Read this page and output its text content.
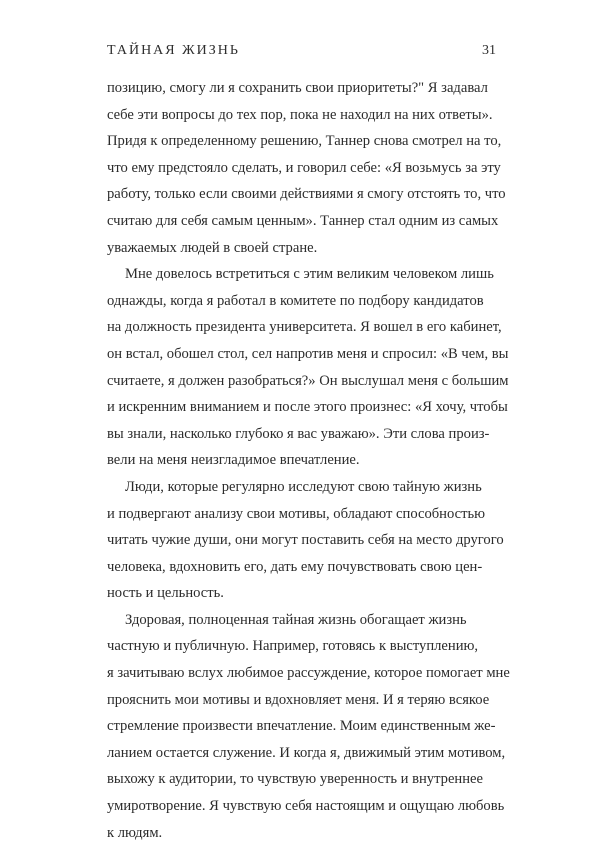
ТАЙНАЯ ЖИЗНЬ	31
позицию, смогу ли я сохранить свои приоритеты?" Я задавал
себе эти вопросы до тех пор, пока не находил на них ответы».
Придя к определенному решению, Таннер снова смотрел на то,
что ему предстояло сделать, и говорил себе: «Я возьмусь за эту
работу, только если своими действиями я смогу отстоять то, что
считаю для себя самым ценным». Таннер стал одним из самых
уважаемых людей в своей стране.
Мне довелось встретиться с этим великим человеком лишь
однажды, когда я работал в комитете по подбору кандидатов
на должность президента университета. Я вошел в его кабинет,
он встал, обошел стол, сел напротив меня и спросил: «В чем, вы
считаете, я должен разобраться?» Он выслушал меня с большим
и искренним вниманием и после этого произнес: «Я хочу, чтобы
вы знали, насколько глубоко я вас уважаю». Эти слова произ-
вели на меня неизгладимое впечатление.
Люди, которые регулярно исследуют свою тайную жизнь
и подвергают анализу свои мотивы, обладают способностью
читать чужие души, они могут поставить себя на место другого
человека, вдохновить его, дать ему почувствовать свою цен-
ность и цельность.
Здоровая, полноценная тайная жизнь обогащает жизнь
частную и публичную. Например, готовясь к выступлению,
я зачитываю вслух любимое рассуждение, которое помогает мне
прояснить мои мотивы и вдохновляет меня. И я теряю всякое
стремление произвести впечатление. Моим единственным же-
ланием остается служение. И когда я, движимый этим мотивом,
выхожу к аудитории, то чувствую уверенность и внутреннее
умиротворение. Я чувствую себя настоящим и ощущаю любовь
к людям.
